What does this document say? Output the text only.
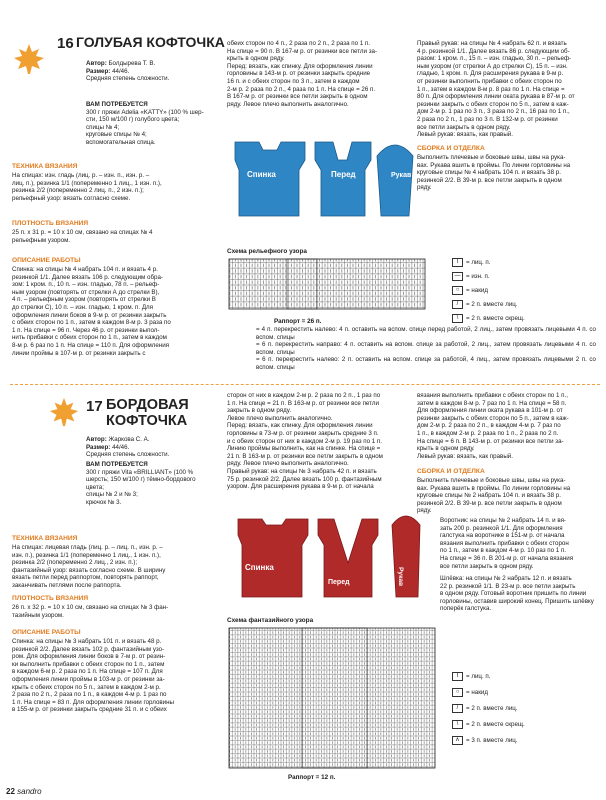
16 ГОЛУБАЯ КОФТОЧКА
Автор: Болдырева Т. В.
Размер: 44/46.
Средняя степень сложности.
ВАМ ПОТРЕБУЕТСЯ
300 г пряжи Adelia «KATTY» (100 % шер-
сти, 150 м/100 г) голубого цвета;
спицы № 4;
круговые спицы № 4;
вспомогательная спица.
ТЕХНИКА ВЯЗАНИЯ
На спицах: изн. гладь (лиц. р. – изн. п., изн. р. –
лиц. п.), резинка 1/1 (попеременно 1 лиц., 1 изн. п.),
резинка 2/2 (попеременно 2 лиц. п., 2 изн. п.);
рельефный узор: вязать согласно схеме.
ПЛОТНОСТЬ ВЯЗАНИЯ
25 п. х 31 р. = 10 х 10 см, связано на спицах № 4
рельефным узором.
ОПИСАНИЕ РАБОТЫ
Спинка: на спицы № 4 набрать 104 п. и вязать 4 р.
резинкой 1/1. Далее вязать 106 р. следующим обра-
зом: 1 кром. п., 10 п. – изн. гладью, 78 п. – рельеф-
ным узором (повторять от стрелки А до стрелки В),
4 п. – рельефным узором (повторять от стрелки В
до стрелки С), 10 п. – изн. гладью, 1 кром. п. Для
оформления линии боков в 9-м р. от резинки закрыть
с обеих сторон по 1 п., затем в каждом 8-м р. 3 раза по
1 п. На спице = 96 п. Через 46 р. от резинки выпол-
нить прибавки с обеих сторон по 1 п., затем в каждом
8-м р. 6 раз по 1 п. На спице = 110 п. Для оформления
линии проймы в 107-м р. от резинки закрыть с
обеих сторон по 4 п., 2 раза по 2 п., 2 раза по 1 п.
На спице = 90 п. В 167-м р. от резинки все петли за-
крыть в одном ряду.
Перед: вязать, как спинку. Для оформления линии
горловины в 143-м р. от резинки закрыть средние
16 п. и с обеих сторон по 3 п., затем в каждом
2-м р. 2 раза по 2 п., 4 раза по 1 п. На спице = 26 п.
В 167-м р. от резинки все петли закрыть в одном
ряду. Левое плечо выполнить аналогично.
Правый рукав: на спицы № 4 набрать 62 п. и вязать
4 р. резинкой 1/1. Далее вязать 86 р. следующим об-
разом: 1 кром. п., 15 п. – изн. гладью, 30 п. – рельеф-
ным узором (от стрелки А до стрелки С), 15 п. – изн.
гладью, 1 кром. п. Для расширения рукава в 9-м р.
от резинки выполнить прибавки с обеих сторон по
1 п., затем в каждом 8-м р. 8 раз по 1 п. На спице =
80 п. Для оформления линии оката рукава в 87-м р. от
резинки закрыть с обеих сторон по 5 п., затем в каж-
дом 2-м р. 1 раз по 3 п., 3 раза по 2 п., 16 раз по 1 п.,
2 раза по 2 п., 1 раз по 3 п. В 132-м р. от резинки
все петли закрыть в одном ряду.
Левый рукав: вязать, как правый.
СБОРКА И ОТДЕЛКА
Выполнить плечевые и боковые швы, швы на рука-
вах. Рукава вшить в проймы. По линии горловины на
круговые спицы № 4 набрать 104 п. и вязать 38 р.
резинкой 2/2. В 39-м р. все петли закрыть в одном
ряду.
Спинка	Перед	Рукав
Схема рельефного узора
Раппорт = 26 п.
I	= лиц. п.
— = изн. п.
○	= накид
/	= 2 п. вместе лиц.
\	= 2 п. вместе скрещ.
= 4 п. перекрестить налево: 4 п. оставить на вспом. спице перед работой, 2 лиц., затем провязать лицевыми 4 п. со вспом. спицы
= 6 п. перекрестить направо: 4 п. оставить на вспом. спице за работой, 2 лиц., затем провязать лицевыми 4 п. со вспом. спицы
= 6 п. перекрестить налево: 2 п. оставить на вспом. спице за работой, 4 лиц., затем провязать лицевыми 2 п. со вспом. спицы
17 БОРДОВАЯ
КОФТОЧКА
Автор: Жаркова С. А.
Размер: 44/46.
Средняя степень сложности.
ВАМ ПОТРЕБУЕТСЯ
300 г пряжи Vita «BRILLIANT» (100 %
шерсть; 150 м/100 г) тёмно-бордового
цвета;
спицы № 2 и № 3;
крючок № 3.
ТЕХНИКА ВЯЗАНИЯ
На спицах: лицевая гладь (лиц. р. – лиц. п., изн. р. –
изн. п.), резинка 1/1 (попеременно 1 лиц., 1 изн. п.),
резинка 2/2 (попеременно 2 лиц., 2 изн. п.);
фантазийный узор: вязать согласно схеме. В ширину
вязать петли перед раппортом, повторять раппорт,
заканчивать петлями после раппорта.
ПЛОТНОСТЬ ВЯЗАНИЯ
26 п. х 32 р. = 10 х 10 см, связано на спицах № 3 фан-
тазийным узором.
ОПИСАНИЕ РАБОТЫ
Спинка: на спицы № 3 набрать 101 п. и вязать 48 р.
резинкой 2/2. Далее вязать 102 р. фантазийным узо-
ром. Для оформления линии боков в 7-м р. от резин-
ки выполнить прибавки с обеих сторон по 1 п., затем
в каждом 6-м р. 2 раза по 1 п. На спице = 107 п. Для
оформления линии проймы в 103-м р. от резинки за-
крыть с обеих сторон по 5 п., затем в каждом 2-м р.
2 раза по 2 п., 2 раза по 1 п., в каждом 4-м р. 1 раз по
1 п. На спице = 83 п. Для оформления линии горловины
в 155-м р. от резинки закрыть средние 31 п. и с обеих
сторон от них в каждом 2-м р. 2 раза по 2 п., 1 раз по
1 п. На спице = 21 п. В 163-м р. от резинки все петли
закрыть в одном ряду.
Левое плечо выполнить аналогично.
Перед: вязать, как спинку. Для оформления линии
горловины в 73-м р. от резинки закрыть средние 3 п.
и с обеих сторон от них в каждом 2-м р. 19 раз по 1 п.
Линию проймы выполнить, как на спинке. На спице =
21 п. В 163-м р. от резинки все петли закрыть в одном
ряду. Левое плечо выполнить аналогично.
Правый рукав: на спицы № 3 набрать 42 п. и вязать
75 р. резинкой 2/2. Далее вязать 100 р. фантазийным
узором. Для расширения рукава в 9-м р. от начала
вязания выполнить прибавки с обеих сторон по 1 п.,
затем в каждом 8-м р. 7 раз по 1 п. На спице = 58 п.
Для оформления линии оката рукава в 101-м р. от
резинки закрыть с обеих сторон по 5 п., затем в каж-
дом 2-м р. 2 раза по 2 п., в каждом 4-м р. 7 раз по
1 п., в каждом 2-м р. 2 раза по 1 п., 2 раза по 2 п.
На спице = 6 п. В 143-м р. от резинки все петли за-
крыть в одном ряду.
Левый рукав: вязать, как правый.
СБОРКА И ОТДЕЛКА
Выполнить плечевые и боковые швы, швы на рука-
вах. Рукава вшить в проймы. По линии горловины на
круговые спицы № 2 набрать 104 п. и вязать 38 р.
резинкой 2/2. В 39-м р. все петли закрыть в одном
ряду.
Воротник: на спицы № 2 набрать 14 п. и вя-
зать 200 р. резинкой 1/1. Для оформления
галстука на воротнике в 151-м р. от начала
вязания выполнить прибавки с обеих сторон
по 1 п., затем в каждом 4-м р. 10 раз по 1 п.
На спице = 36 п. В 201-м р. от начала вязания
все петли закрыть в одном ряду.
Шлёвка: на спицы № 2 набрать 12 п. и вязать
22 р. резинкой 1/1. В 23-м р. все петли закрыть
в одном ряду. Готовый воротник пришить по линии
горловины, оставив широкий конец. Пришить шлёвку
поперёк галстука.
Спинка
Перед	Рукав
Схема фантазийного узора
Раппорт = 12 п.
I	= лиц. п.
○	= накид
/	= 2 п. вместе лиц.
\	= 2 п. вместе скрещ.
∧	= 3 п. вместе лиц.
22 sandro
